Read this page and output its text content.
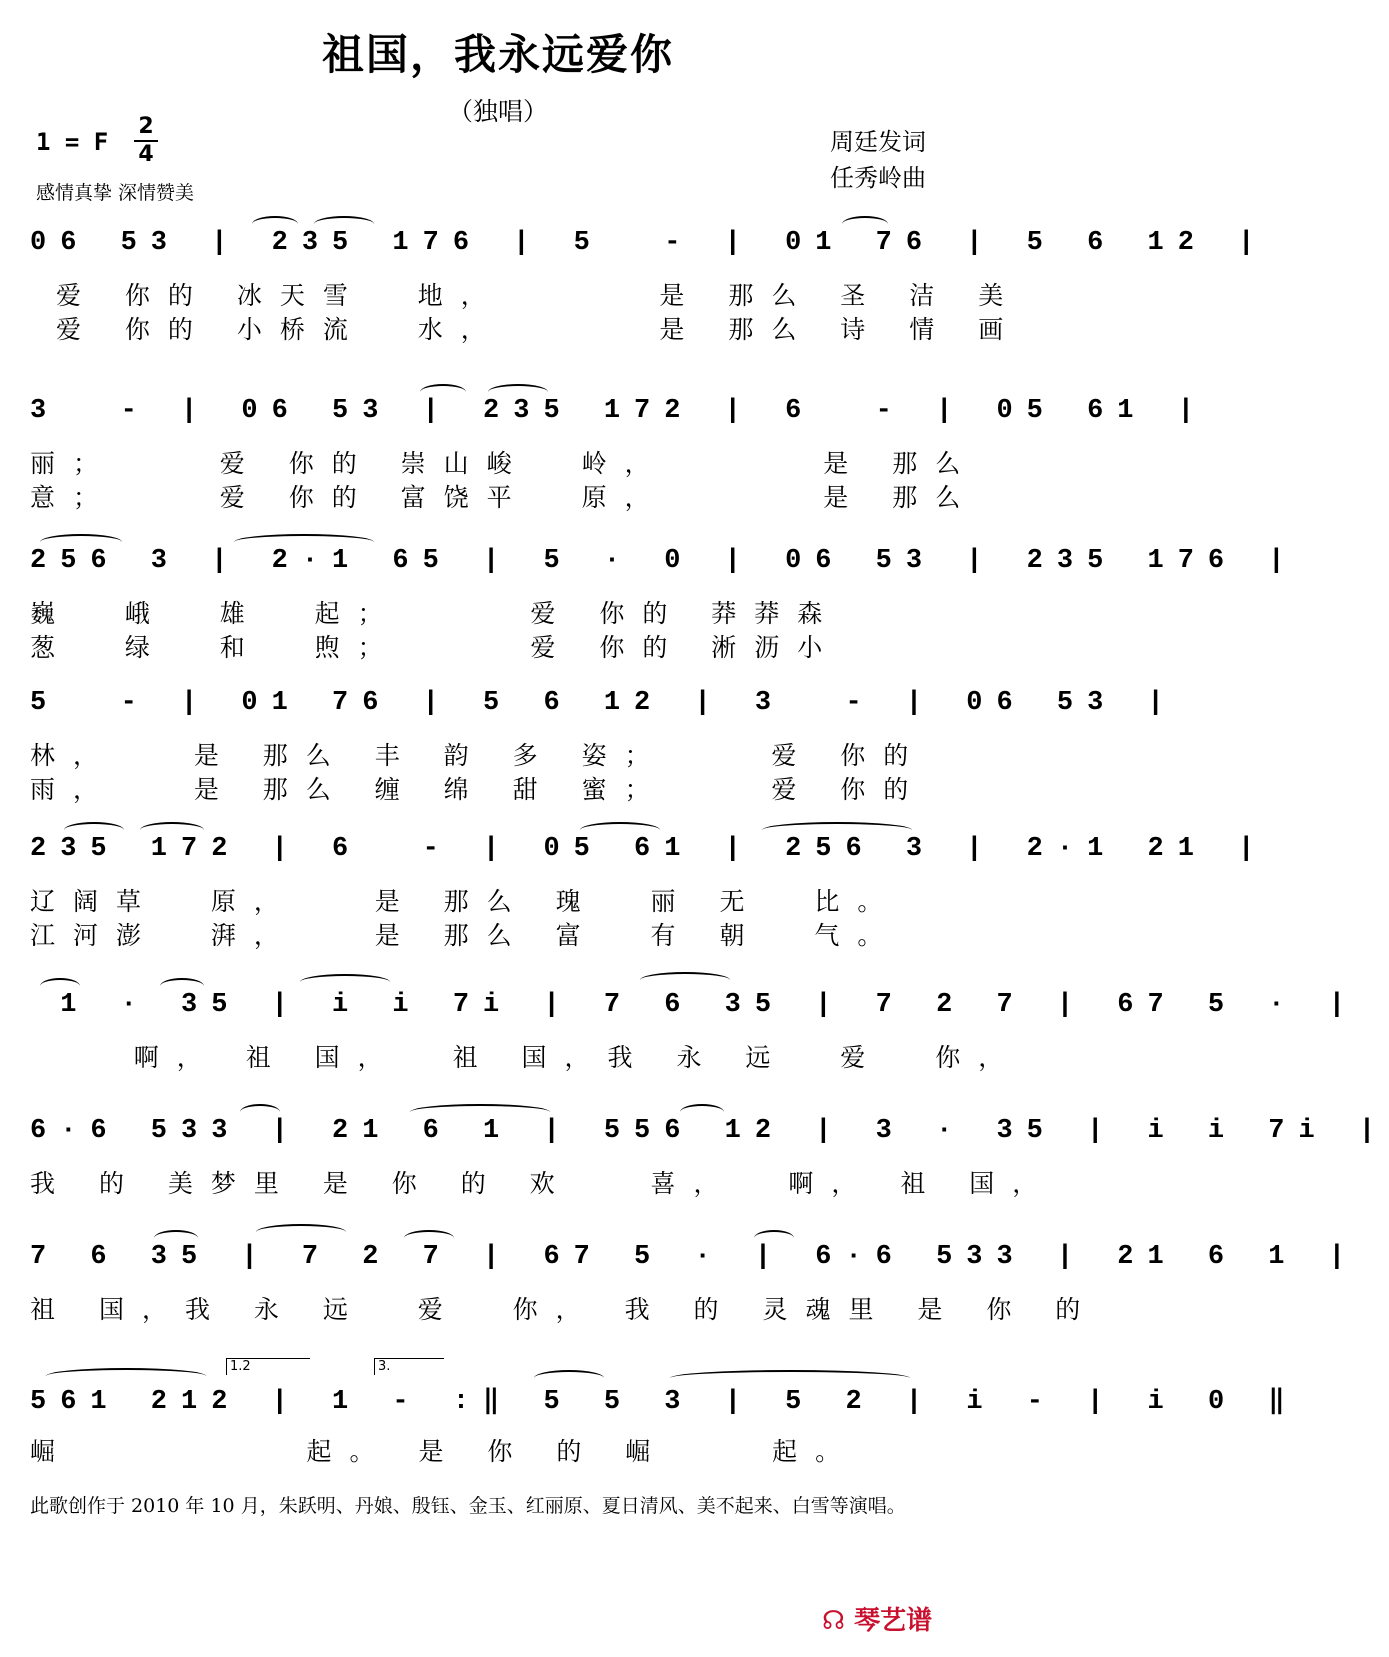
祖国，我永远爱你
（独唱）
1 = F
2
4
感情真挚 深情赞美
周廷发词
任秀岭曲
06 53 | 235 176 | 5  - | 01 76 | 5 6 12 |
爱 你的 冰天雪  地，      是 那么 圣 洁 美
爱 你的 小桥流  水，      是 那么 诗 情 画
3  - | 06 53 | 235 172 | 6  - | 05 61 |
丽；    爱 你的 崇山峻  岭，      是 那么
意；    爱 你的 富饶平  原，      是 那么
256 3 | 2·1 65 | 5 · 0 | 06 53 | 235 176 |
巍  峨  雄  起；     爱 你的 莽莽森
葱  绿  和  煦；     爱 你的 淅沥小
5  - | 01 76 | 5 6 12 | 3  - | 06 53 |
林，   是 那么 丰 韵 多 姿；    爱 你的
雨，   是 那么 缠 绵 甜 蜜；    爱 你的
235 172 | 6  - | 05 61 | 256 3 | 2·1 21 |
辽阔草  原，   是 那么 瑰  丽 无  比。
江河澎  湃，   是 那么 富  有 朝  气。
1 · 35 | i i 7i | 7 6 35 | 7 2 7 | 67 5 · |
啊， 祖 国，  祖 国，我 永 远  爱  你，
6·6 533 | 21 6 1 | 556 12 | 3 · 35 | i i 7i |
我 的 美梦里 是 你 的 欢   喜，  啊， 祖 国，
7 6 35 | 7 2 7 | 67 5 · | 6·6 533 | 21 6 1 |
祖 国，我 永 远  爱  你， 我 的 灵魂里 是 你 的
1.2	3.
561 212 | 1 - :‖ 5 5 3 | 5 2 | i - | i 0 ‖
崛         起。 是 你 的 崛    起。
此歌创作于 2010 年 10 月，朱跃明、丹娘、殷钰、金玉、红丽原、夏日清风、美不起来、白雪等演唱。
☊ 琴艺谱
